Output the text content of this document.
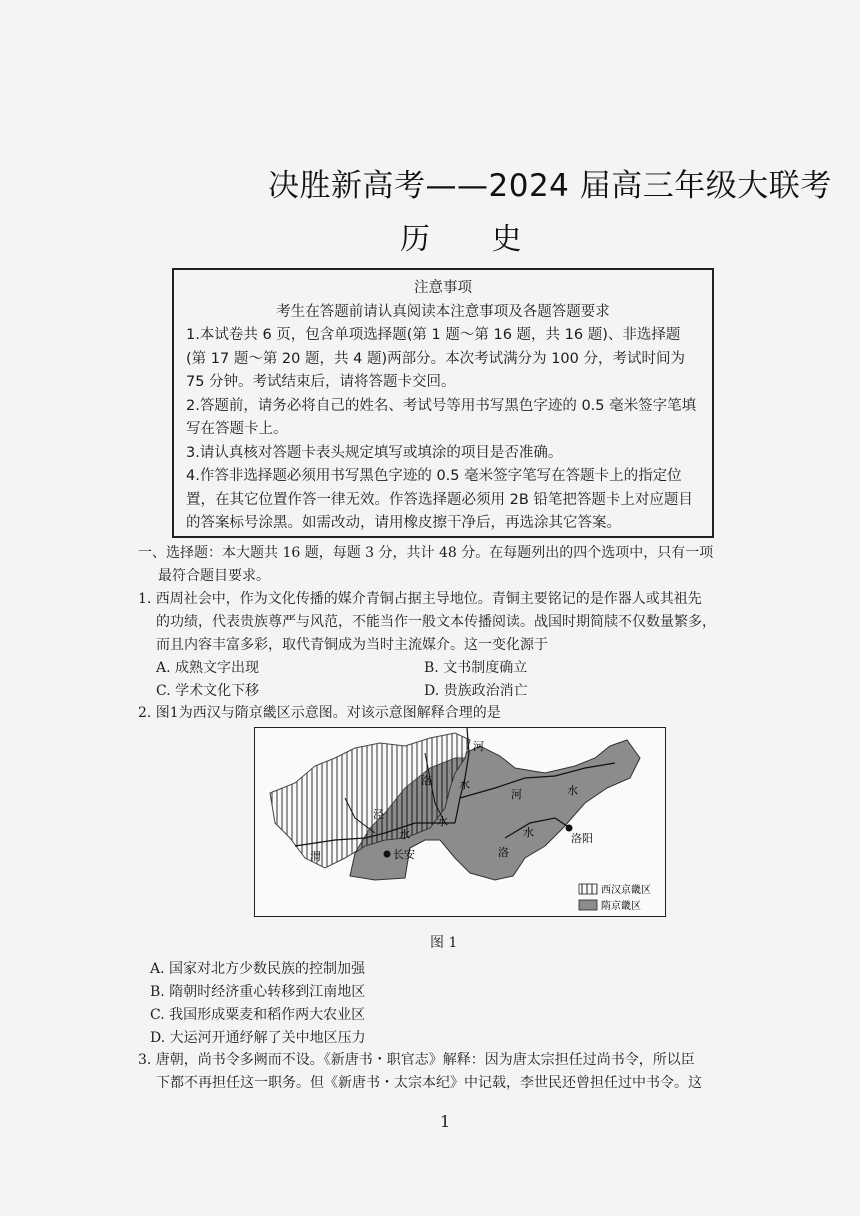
决胜新高考——2024 届高三年级大联考
历 史
注意事项
考生在答题前请认真阅读本注意事项及各题答题要求
1.本试卷共 6 页，包含单项选择题(第 1 题～第 16 题，共 16 题)、非选择题(第 17 题～第 20 题，共 4 题)两部分。本次考试满分为 100 分，考试时间为 75 分钟。考试结束后，请将答题卡交回。
2.答题前，请务必将自己的姓名、考试号等用书写黑色字迹的 0.5 毫米签字笔填写在答题卡上。
3.请认真核对答题卡表头规定填写或填涂的项目是否准确。
4.作答非选择题必须用书写黑色字迹的 0.5 毫米签字笔写在答题卡上的指定位置，在其它位置作答一律无效。作答选择题必须用 2B 铅笔把答题卡上对应题目的答案标号涂黑。如需改动，请用橡皮擦干净后，再选涂其它答案。
一、选择题：本大题共 16 题，每题 3 分，共计 48 分。在每题列出的四个选项中，只有一项
最符合题目要求。
1. 西周社会中，作为文化传播的媒介青铜占据主导地位。青铜主要铭记的是作器人或其祖先
的功绩，代表贵族尊严与风范，不能当作一般文本传播阅读。战国时期简牍不仅数量繁多，
而且内容丰富多彩，取代青铜成为当时主流媒介。这一变化源于
A. 成熟文字出现	B. 文书制度确立
C. 学术文化下移	D. 贵族政治消亡
2. 图1为西汉与隋京畿区示意图。对该示意图解释合理的是
河
洛
泾
水
水
水
水
河
洛
渭
水
长安
洛阳
西汉京畿区
隋京畿区
图 1
A. 国家对北方少数民族的控制加强
B. 隋朝时经济重心转移到江南地区
C. 我国形成粟麦和稻作两大农业区
D. 大运河开通纾解了关中地区压力
3. 唐朝，尚书令多阙而不设。《新唐书・职官志》解释：因为唐太宗担任过尚书令，所以臣
下都不再担任这一职务。但《新唐书・太宗本纪》中记载，李世民还曾担任过中书令。这
1
